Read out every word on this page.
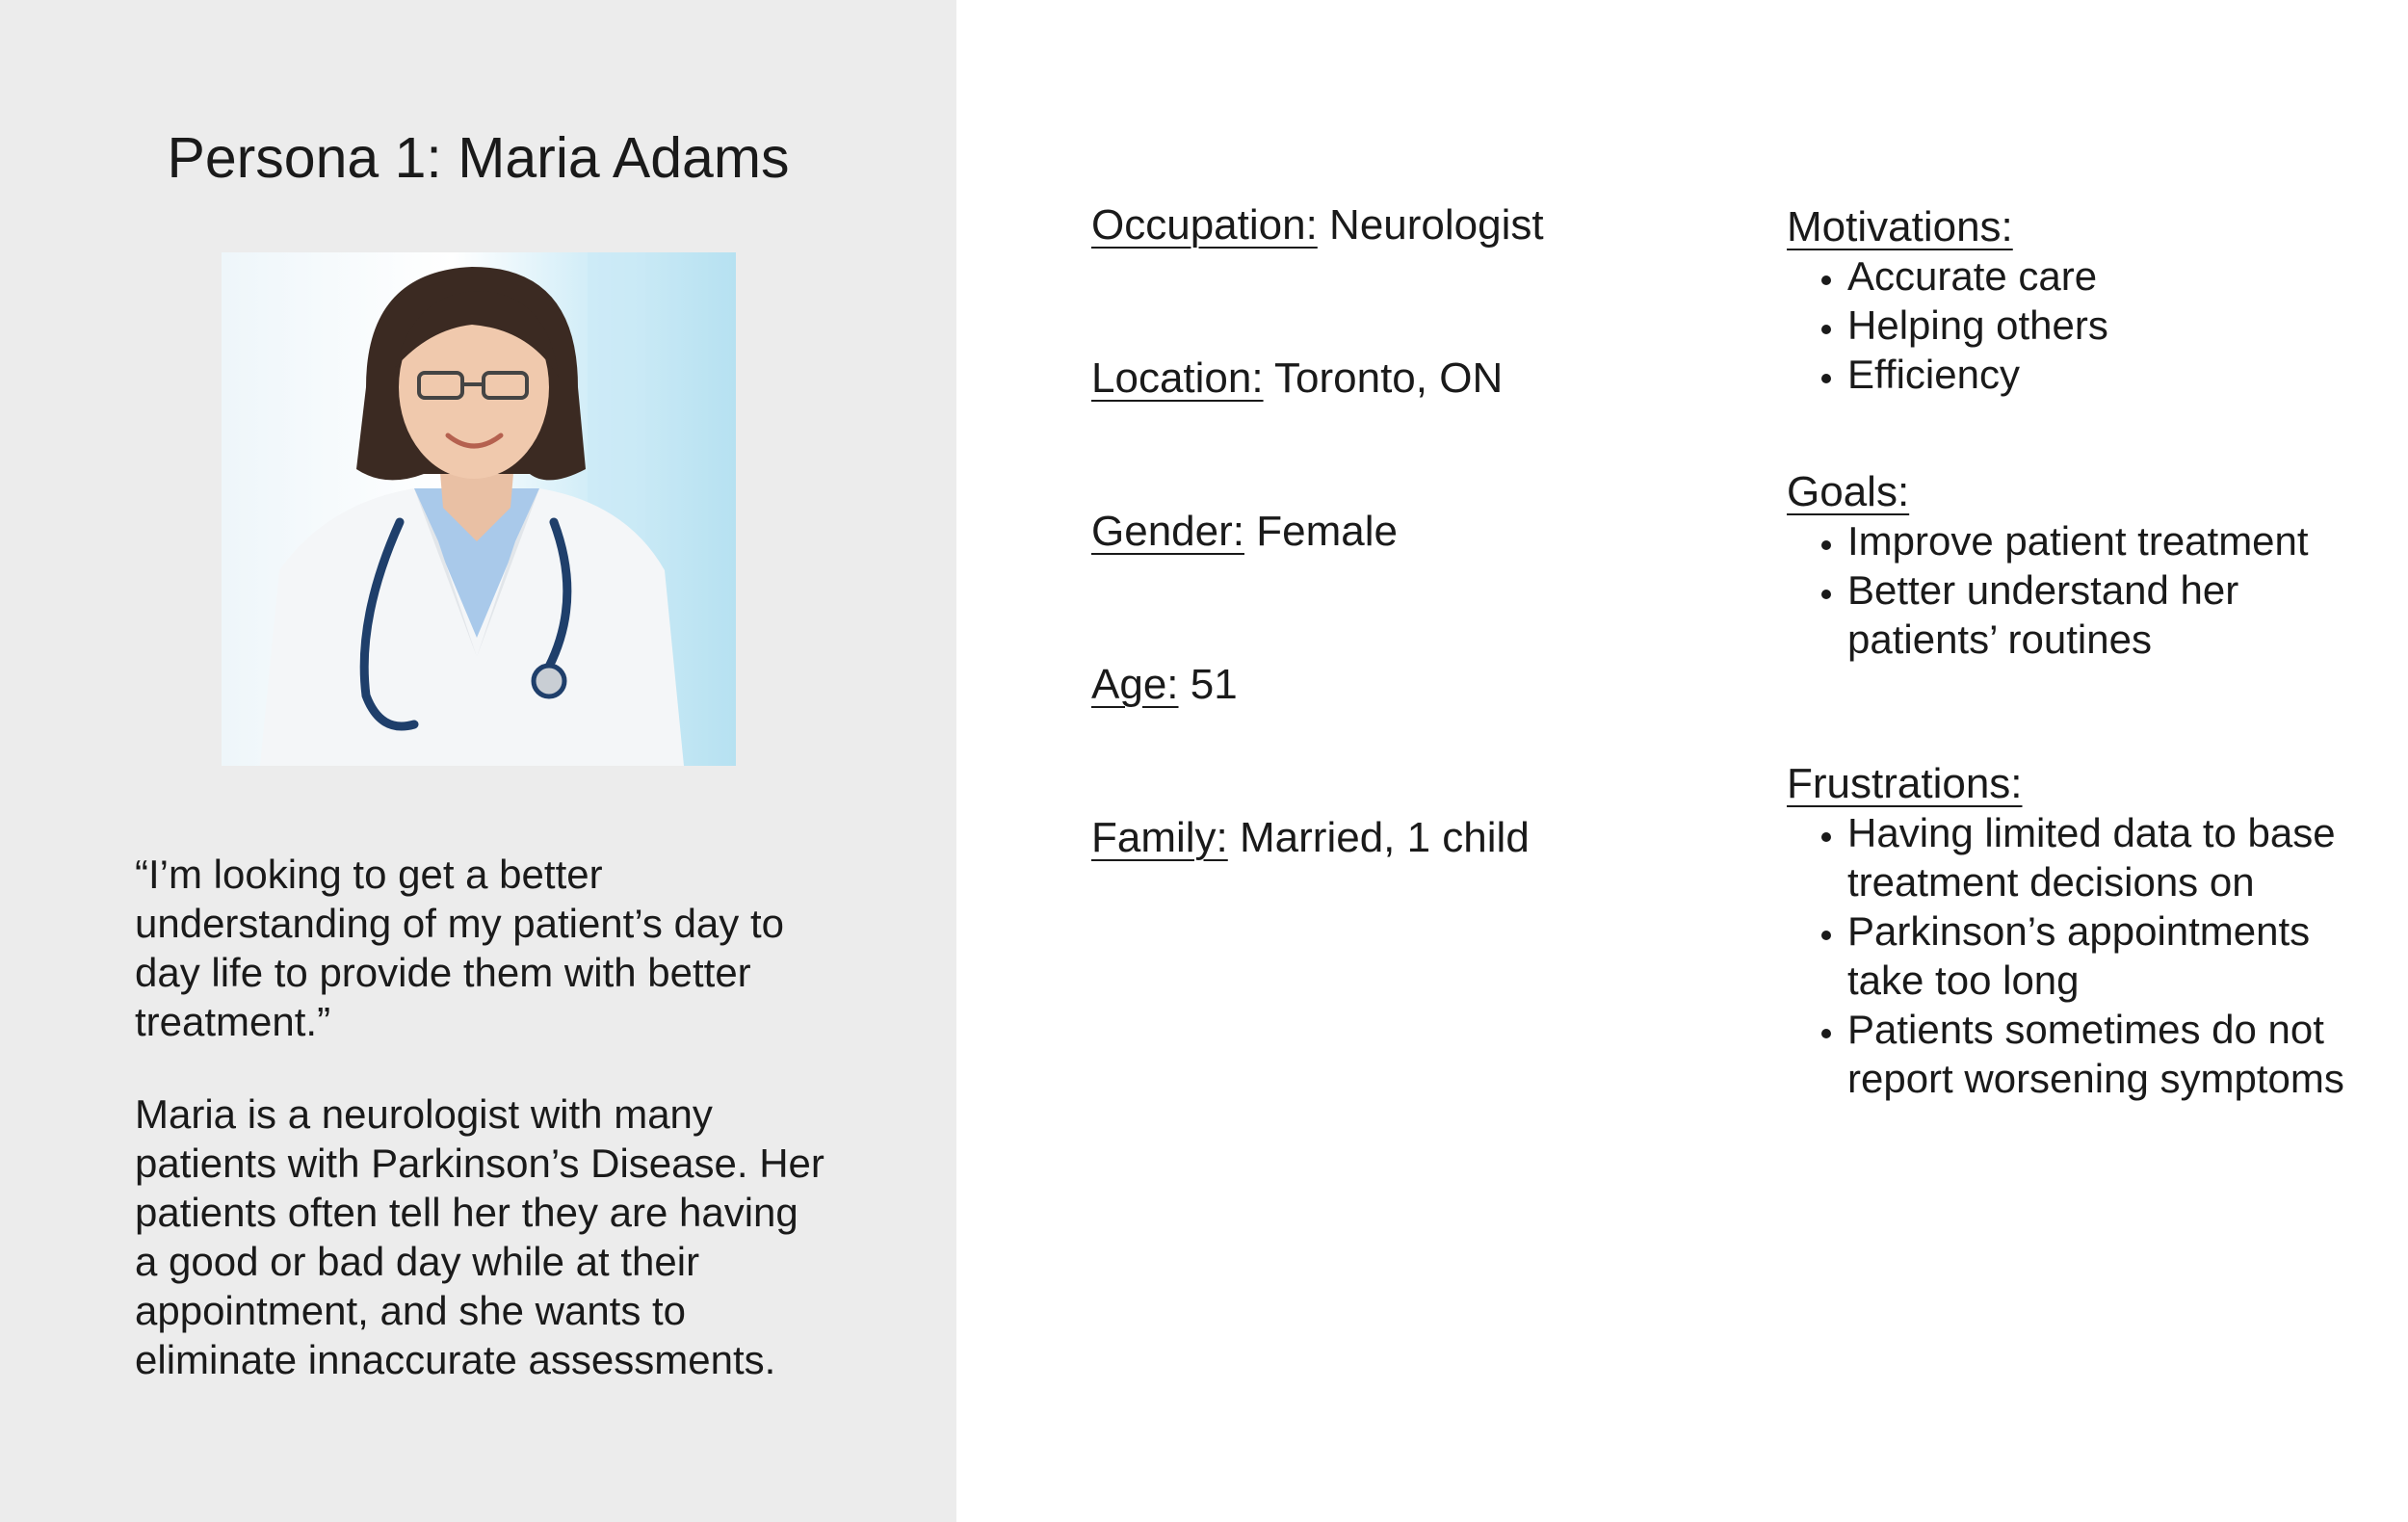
Persona 1: Maria Adams

“I’m looking to get a better understanding of my patient’s day to day life to provide them with better treatment.”

Maria is a neurologist with many patients with Parkinson’s Disease. Her patients often tell her they are having a good or bad day while at their appointment, and she wants to eliminate innaccurate assessments.

Occupation: Neurologist
Location: Toronto, ON
Gender: Female
Age: 51
Family: Married, 1 child
Motivations:
• Accurate care
• Helping others
• Efficiency
Goals:
• Improve patient treatment
• Better understand her patients’ routines
Frustrations:
• Having limited data to base treatment decisions on
• Parkinson’s appointments take too long
• Patients sometimes do not report worsening symptoms
